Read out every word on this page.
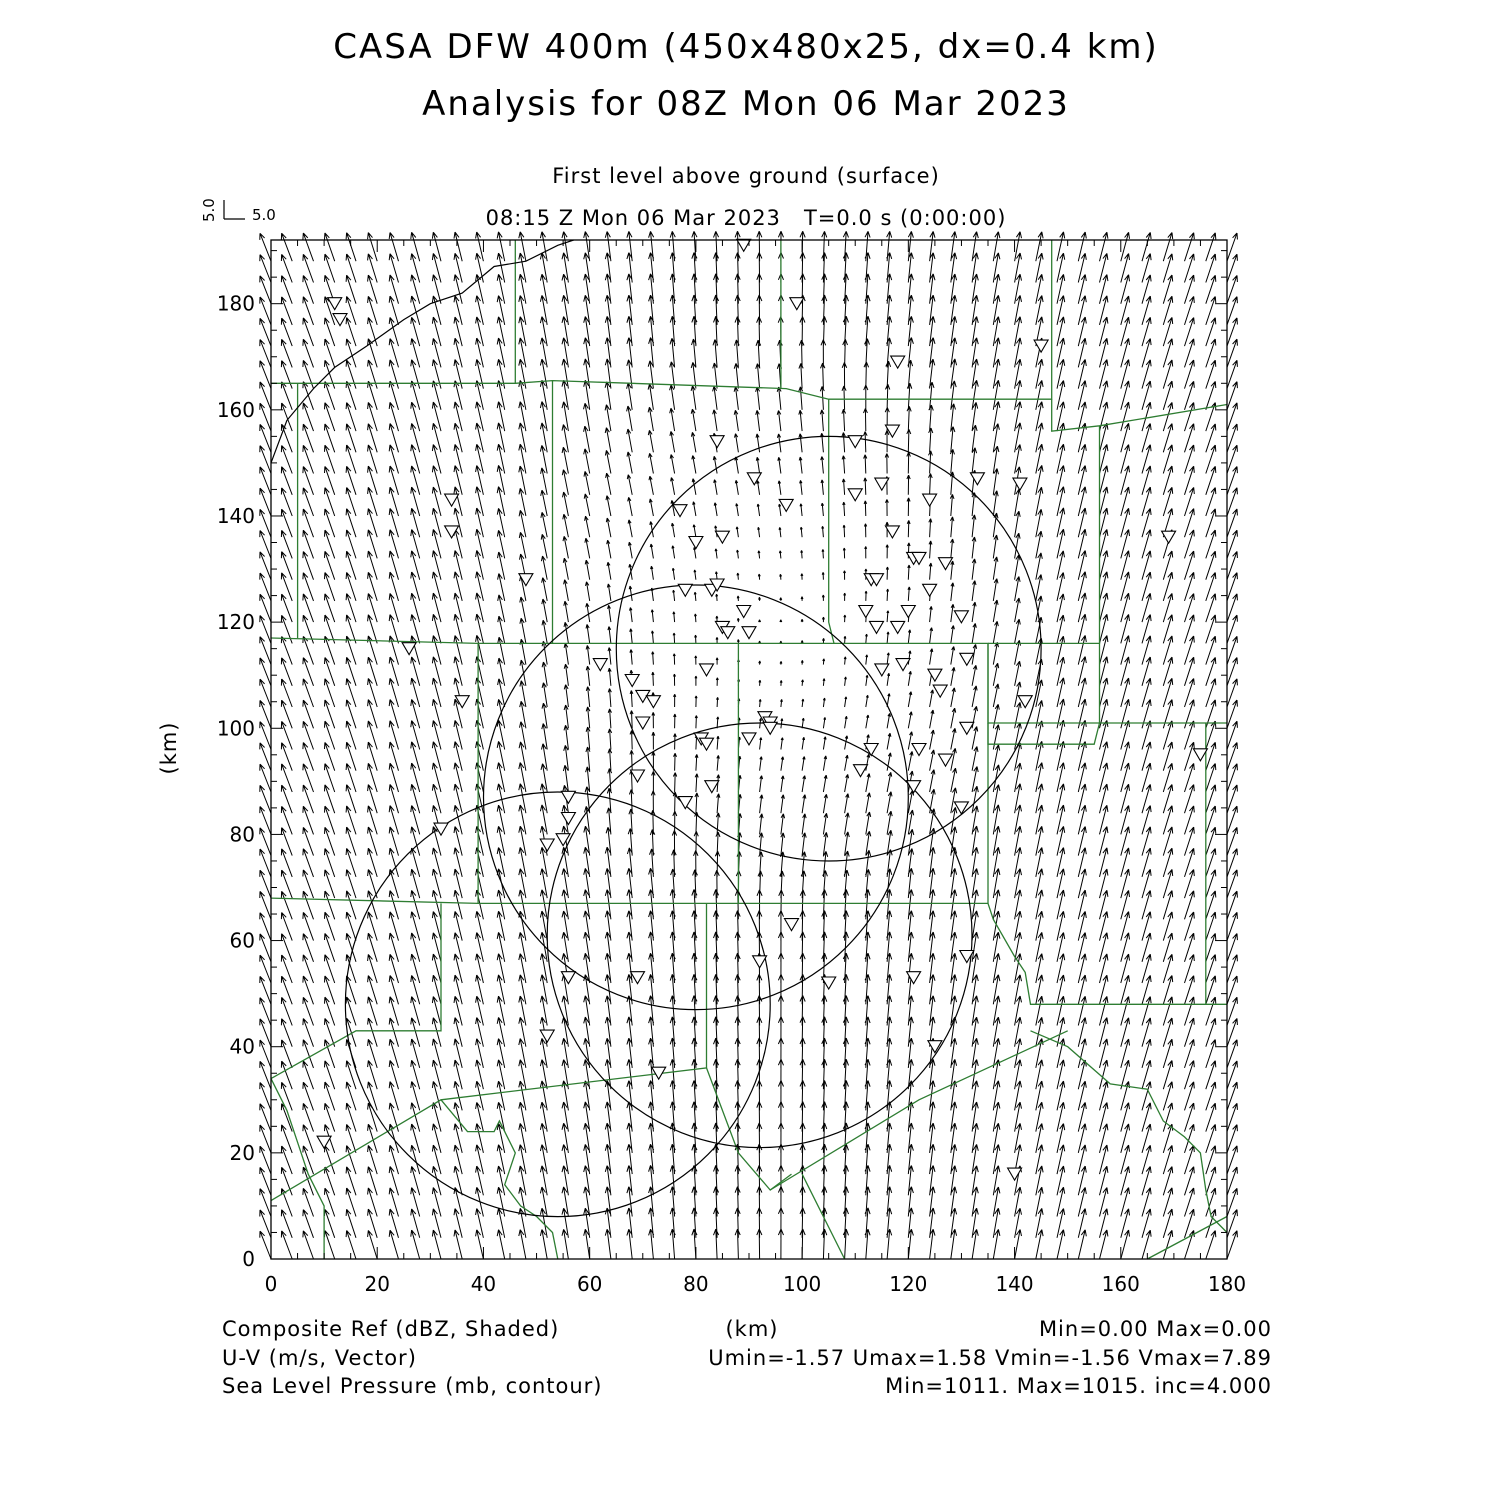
CASA DFW 400m (450x480x25, dx=0.4 km)
Analysis for 08Z Mon 06 Mar 2023
First level above ground (surface)
08:15 Z Mon 06 Mar 2023   T=0.0 s (0:00:00)
5.0
5.0
0	20	40	60	80	100	120	140	160	180
0
20
40
60
80
100
120
140
160
180
(km)
(km)
Composite Ref (dBZ, Shaded)	Min=0.00 Max=0.00
U-V (m/s, Vector)	Umin=-1.57 Umax=1.58 Vmin=-1.56 Vmax=7.89
Sea Level Pressure (mb, contour)	Min=1011. Max=1015. inc=4.000
